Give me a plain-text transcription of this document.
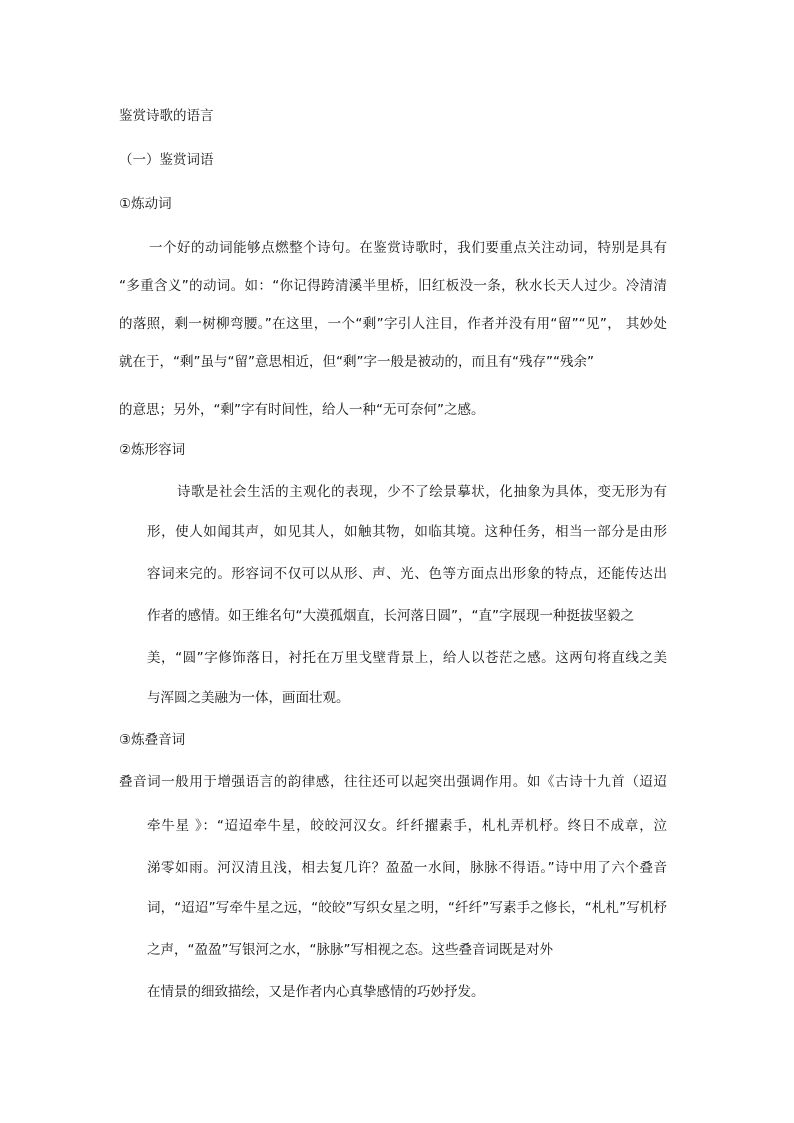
鉴赏诗歌的语言

（一）鉴赏词语

①炼动词

一个好的动词能够点燃整个诗句。在鉴赏诗歌时，我们要重点关注动词，特别是具有

“多重含义”的动词。如：“你记得跨清溪半里桥，旧红板没一条，秋水长天人过少。冷清清

的落照，剩一树柳弯腰。”在这里，一个“剩”字引人注目，作者并没有用“留”“见”， 其妙处

就在于，“剩”虽与“留”意思相近，但“剩”字一般是被动的，而且有“残存”“残余”

的意思；另外，“剩”字有时间性，给人一种“无可奈何”之感。

②炼形容词

诗歌是社会生活的主观化的表现，少不了绘景摹状，化抽象为具体，变无形为有

形，使人如闻其声，如见其人，如触其物，如临其境。这种任务，相当一部分是由形

容词来完的。形容词不仅可以从形、声、光、色等方面点出形象的特点，还能传达出

作者的感情。如王维名句“大漠孤烟直，长河落日圆”，“直”字展现一种挺拔坚毅之

美，“圆”字修饰落日，衬托在万里戈壁背景上，给人以苍茫之感。这两句将直线之美

与浑圆之美融为一体，画面壮观。

③炼叠音词

叠音词一般用于增强语言的韵律感，往往还可以起突出强调作用。如《古诗十九首（迢迢

牵牛星 》：“迢迢牵牛星，皎皎河汉女。纤纤擢素手，札札弄机杼。终日不成章，泣

涕零如雨。河汉清且浅，相去复几许？盈盈一水间，脉脉不得语。”诗中用了六个叠音

词，“迢迢”写牵牛星之远，“皎皎”写织女星之明，“纤纤”写素手之修长，“札札”写机杼

之声，“盈盈”写银河之水，“脉脉”写相视之态。这些叠音词既是对外

在情景的细致描绘，又是作者内心真挚感情的巧妙抒发。
